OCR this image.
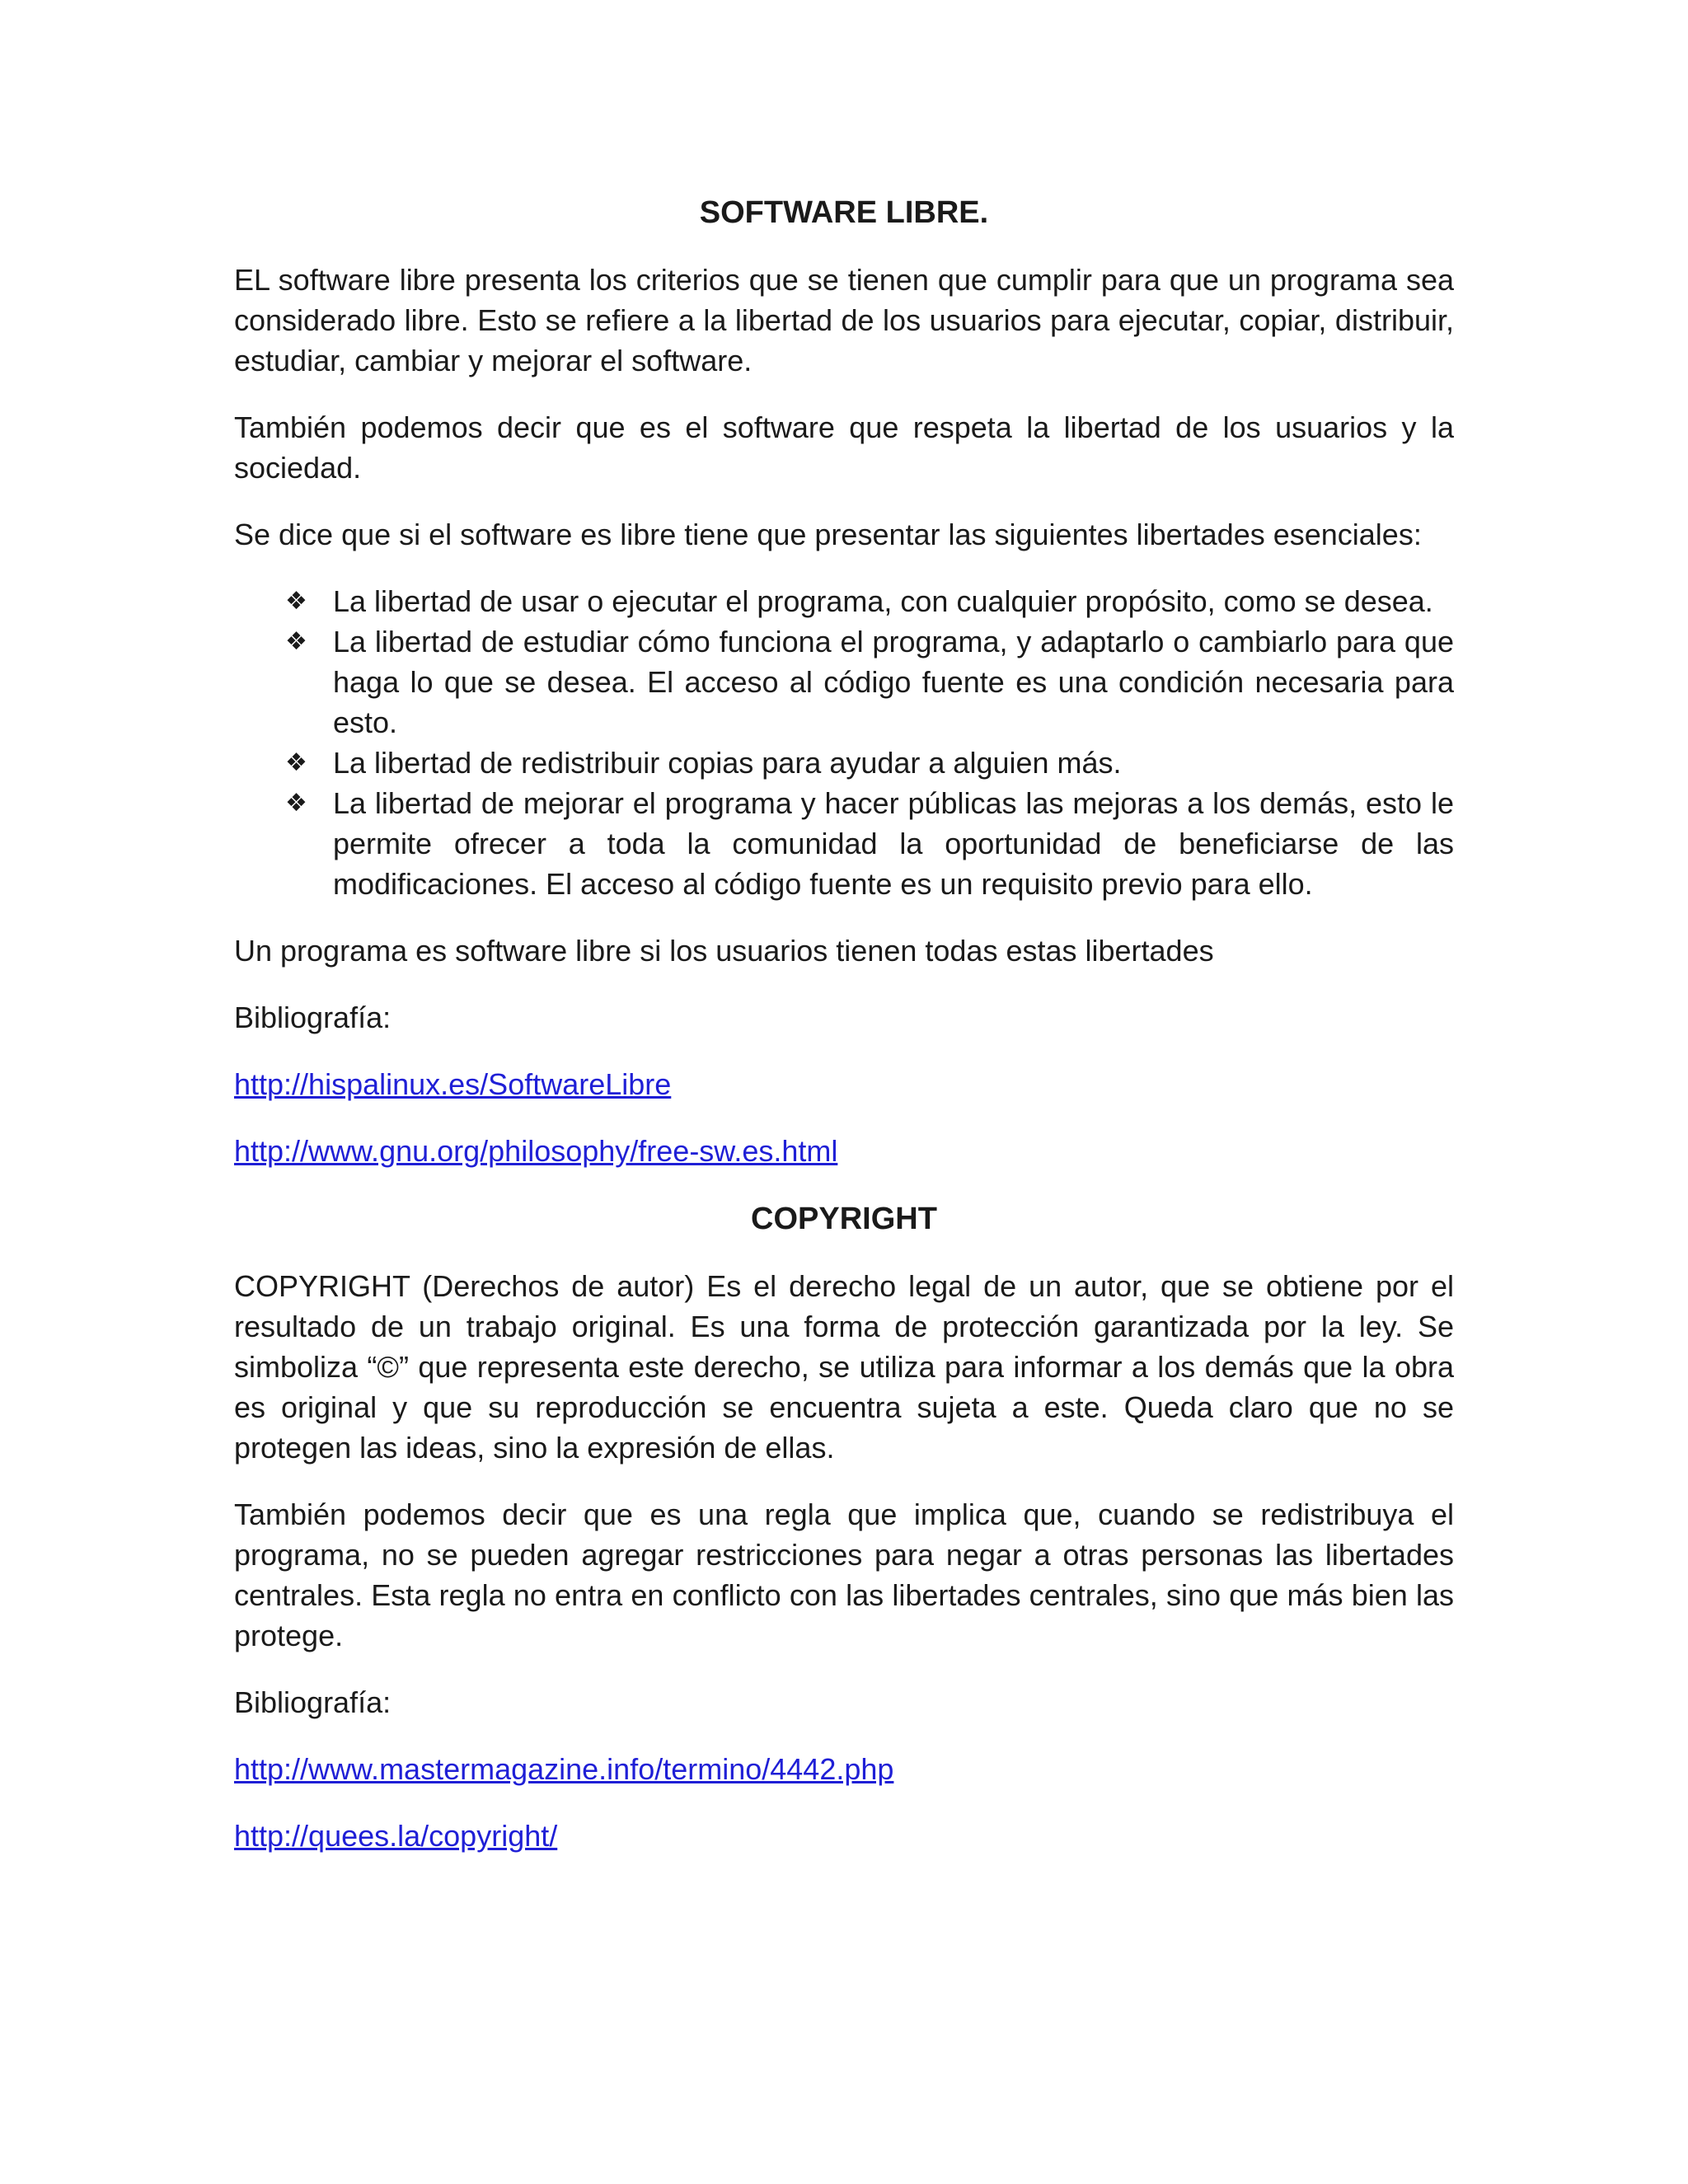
SOFTWARE LIBRE.

EL software libre presenta los criterios que se tienen que cumplir para que un programa sea considerado libre. Esto se refiere a la libertad de los usuarios para ejecutar, copiar, distribuir, estudiar, cambiar y mejorar el software.

También podemos decir que es el software que respeta la libertad de los usuarios y la sociedad.

Se dice que si el software es libre tiene que presentar las siguientes libertades esenciales:

❖ La libertad de usar o ejecutar el programa, con cualquier propósito, como se desea.
❖ La libertad de estudiar cómo funciona el programa, y adaptarlo o cambiarlo para que haga lo que se desea. El acceso al código fuente es una condición necesaria para esto.
❖ La libertad de redistribuir copias para ayudar a alguien más.
❖ La libertad de mejorar el programa y hacer públicas las mejoras a los demás, esto le permite ofrecer a toda la comunidad la oportunidad de beneficiarse de las modificaciones. El acceso al código fuente es un requisito previo para ello.

Un programa es software libre si los usuarios tienen todas estas libertades

Bibliografía:

http://hispalinux.es/SoftwareLibre

http://www.gnu.org/philosophy/free-sw.es.html

COPYRIGHT

COPYRIGHT (Derechos de autor) Es el derecho legal de un autor, que se obtiene por el resultado de un trabajo original. Es una forma de protección garantizada por la ley. Se simboliza “©” que representa este derecho, se utiliza para informar a los demás que la obra es original y que su reproducción se encuentra sujeta a este. Queda claro que no se protegen las ideas, sino la expresión de ellas.

También podemos decir que es una regla que implica que, cuando se redistribuya el programa, no se pueden agregar restricciones para negar a otras personas las libertades centrales. Esta regla no entra en conflicto con las libertades centrales, sino que más bien las protege.

Bibliografía:

http://www.mastermagazine.info/termino/4442.php

http://quees.la/copyright/
